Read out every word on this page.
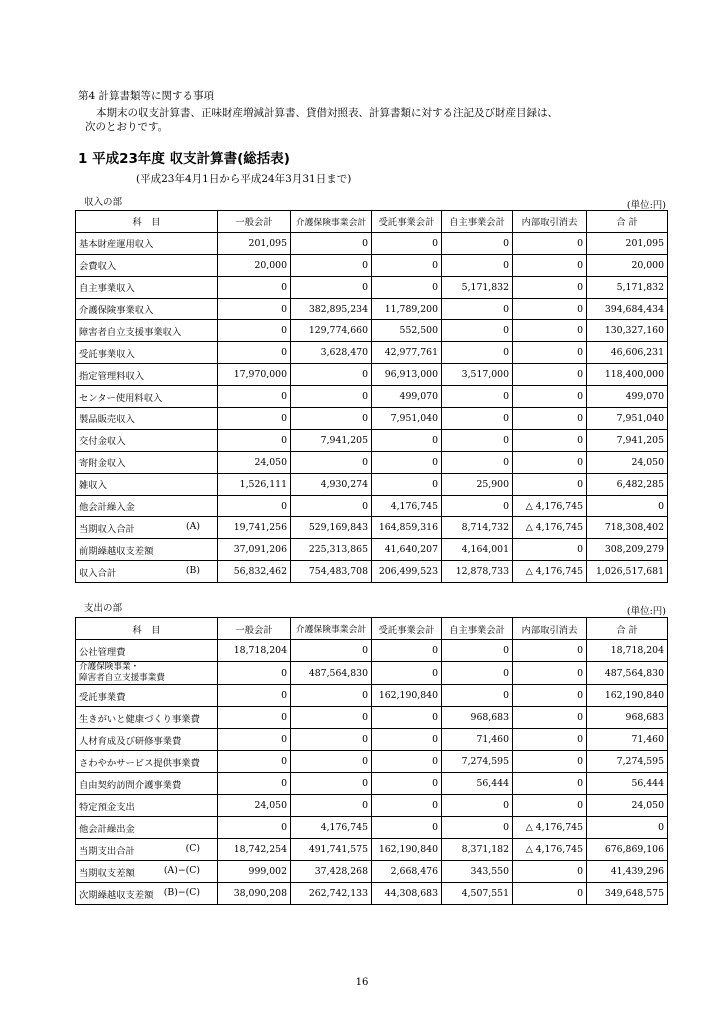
第4 計算書類等に関する事項
本期末の収支計算書、正味財産増減計算書、貸借対照表、計算書類に対する注記及び財産目録は、
次のとおりです。
1 平成23年度 収支計算書(総括表)
(平成23年4月1日から平成24年3月31日まで)
収入の部	(単位:円)
科　目	一般会計	介護保険事業会計	受託事業会計	自主事業会計	内部取引消去	合 計

基本財産運用収入	201,095	0	0	0	0	201,095

会費収入	20,000	0	0	0	0	20,000

自主事業収入	0	0	0	5,171,832	0	5,171,832

介護保険事業収入	0	382,895,234	11,789,200	0	0	394,684,434

障害者自立支援事業収入	0	129,774,660	552,500	0	0	130,327,160

受託事業収入	0	3,628,470	42,977,761	0	0	46,606,231

指定管理料収入	17,970,000	0	96,913,000	3,517,000	0	118,400,000

センター使用料収入	0	0	499,070	0	0	499,070

製品販売収入	0	0	7,951,040	0	0	7,951,040

交付金収入	0	7,941,205	0	0	0	7,941,205

寄附金収入	24,050	0	0	0	0	24,050

雑収入	1,526,111	4,930,274	0	25,900	0	6,482,285

他会計繰入金	0	0	4,176,745	0	△ 4,176,745	0

当期収入合計 (A)	19,741,256	529,169,843	164,859,316	8,714,732	△ 4,176,745	718,308,402

前期繰越収支差額	37,091,206	225,313,865	41,640,207	4,164,001	0	308,209,279

収入合計 (B)	56,832,462	754,483,708	206,499,523	12,878,733	△ 4,176,745	1,026,517,681
支出の部	(単位:円)
科　目	一般会計	介護保険事業会計	受託事業会計	自主事業会計	内部取引消去	合 計

公社管理費	18,718,204	0	0	0	0	18,718,204

介護保険事業・
障害者自立支援事業費	0	487,564,830	0	0	0	487,564,830

受託事業費	0	0	162,190,840	0	0	162,190,840

生きがいと健康づくり事業費	0	0	0	968,683	0	968,683

人材育成及び研修事業費	0	0	0	71,460	0	71,460

さわやかサービス提供事業費	0	0	0	7,274,595	0	7,274,595

自由契約訪問介護事業費	0	0	0	56,444	0	56,444

特定預金支出	24,050	0	0	0	0	24,050

他会計繰出金	0	4,176,745	0	0	△ 4,176,745	0

当期支出合計 (C)	18,742,254	491,741,575	162,190,840	8,371,182	△ 4,176,745	676,869,106

当期収支差額 (A)−(C)	999,002	37,428,268	2,668,476	343,550	0	41,439,296

次期繰越収支差額 (B)−(C)	38,090,208	262,742,133	44,308,683	4,507,551	0	349,648,575
16
